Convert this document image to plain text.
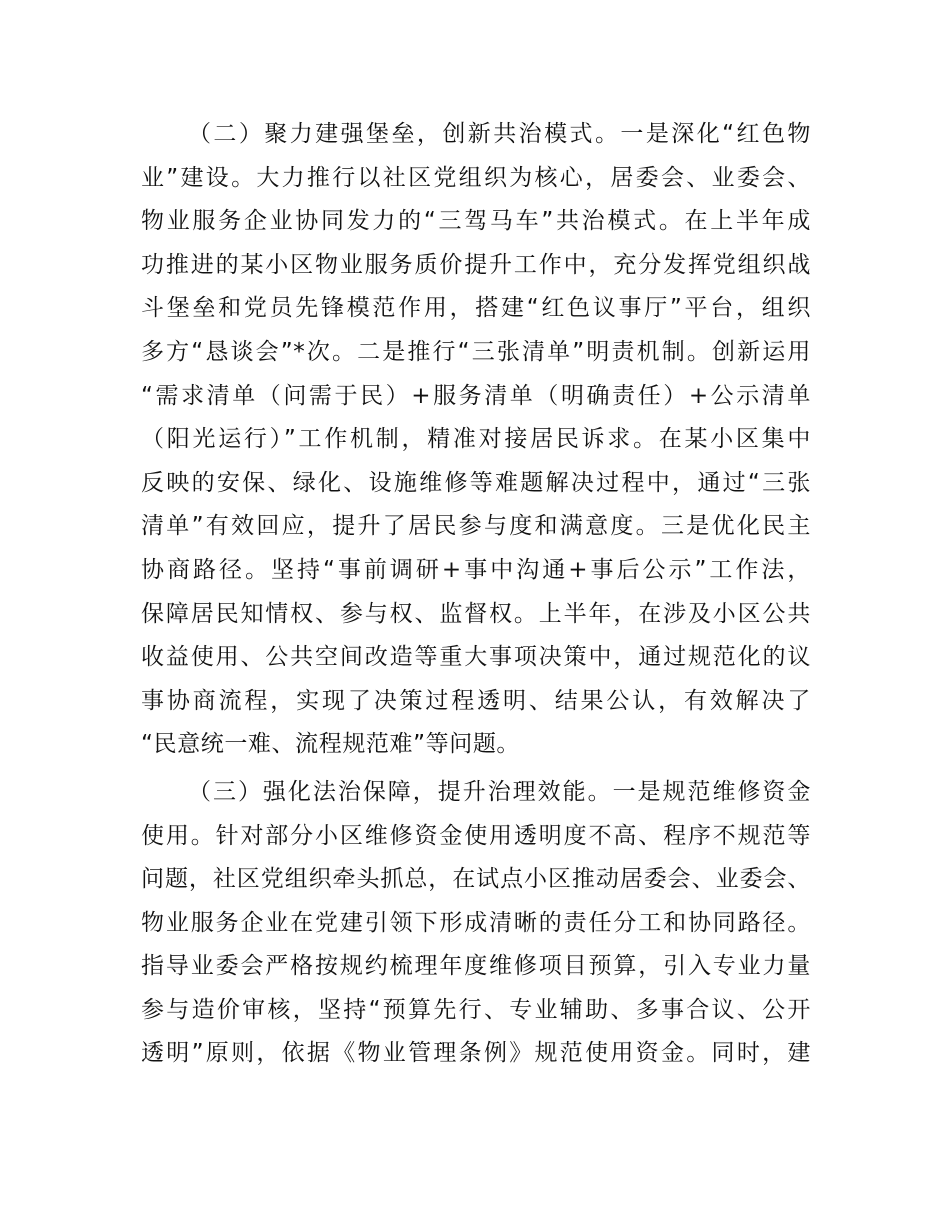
（二）聚力建强堡垒，创新共治模式。一是深化“红色物
业”建设。大力推行以社区党组织为核心，居委会、业委会、
物业服务企业协同发力的“三驾马车”共治模式。在上半年成
功推进的某小区物业服务质价提升工作中，充分发挥党组织战
斗堡垒和党员先锋模范作用，搭建“红色议事厅”平台，组织
多方“恳谈会”*次。二是推行“三张清单”明责机制。创新运用
“需求清单（问需于民）+服务清单（明确责任）+公示清单
（阳光运行）”工作机制，精准对接居民诉求。在某小区集中
反映的安保、绿化、设施维修等难题解决过程中，通过“三张
清单”有效回应，提升了居民参与度和满意度。三是优化民主
协商路径。坚持“事前调研+事中沟通+事后公示”工作法，
保障居民知情权、参与权、监督权。上半年，在涉及小区公共
收益使用、公共空间改造等重大事项决策中，通过规范化的议
事协商流程，实现了决策过程透明、结果公认，有效解决了
“民意统一难、流程规范难”等问题。
（三）强化法治保障，提升治理效能。一是规范维修资金
使用。针对部分小区维修资金使用透明度不高、程序不规范等
问题，社区党组织牵头抓总，在试点小区推动居委会、业委会、
物业服务企业在党建引领下形成清晰的责任分工和协同路径。
指导业委会严格按规约梳理年度维修项目预算，引入专业力量
参与造价审核，坚持“预算先行、专业辅助、多事合议、公开
透明”原则，依据《物业管理条例》规范使用资金。同时，建
